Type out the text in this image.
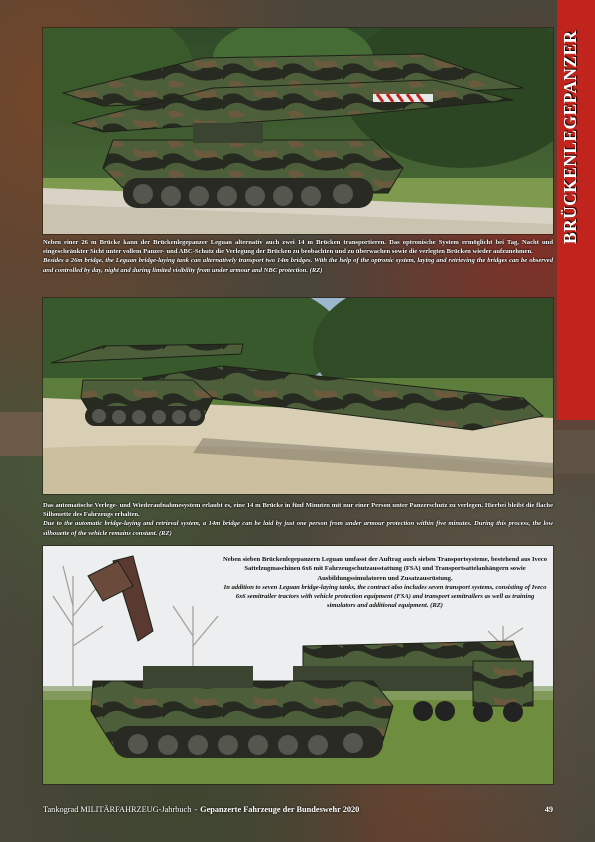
BRÜCKENLEGEPANZER
Neben einer 26 m Brücke kann der Brückenlegepanzer Leguan alternativ auch zwei 14 m Brücken transportieren. Das optronische System ermöglicht bei Tag, Nacht und eingeschränkter Sicht unter vollem Panzer- und ABC-Schutz die Verlegung der Brücken zu beobachten und zu überwachen sowie die verlegten Brücken wieder aufzunehmen.
Besides a 26m bridge, the Leguan bridge-laying tank can alternatively transport two 14m bridges. With the help of the optronic system, laying and retrieving the bridges can be observed and controlled by day, night and during limited visibility from under armour and NBC protection. (RZ)
Das automatische Verlege- und Wiederaufnahmesystem erlaubt es, eine 14 m Brücke in fünf Minuten mit nur einer Person unter Panzerschutz zu verlegen. Hierbei bleibt die flache Silhouette des Fahrzeugs erhalten.
Due to the automatic bridge-laying and retrieval system, a 14m bridge can be laid by just one person from under armour protection within five minutes. During this process, the low silhouette of the vehicle remains constant. (RZ)
Neben sieben Brückenlegepanzern Leguan umfasst der Auftrag auch sieben Transportsysteme, bestehend aus Iveco Sattelzugmaschinen 6x6 mit Fahrzeugschutzausstattung (FSA) und Transportsattelanhängern sowie Ausbildungssimulatoren und Zusatzausrüstung.
In addition to seven Leguan bridge-laying tanks, the contract also includes seven transport systems, consisting of Iveco 6x6 semitrailer tractors with vehicle protection equipment (FSA) and transport semitrailers as well as training simulators and additional equipment. (RZ)
Tankograd MILITÄRFAHRZEUG-Jahrbuch - Gepanzerte Fahrzeuge der Bundeswehr 2020	49
